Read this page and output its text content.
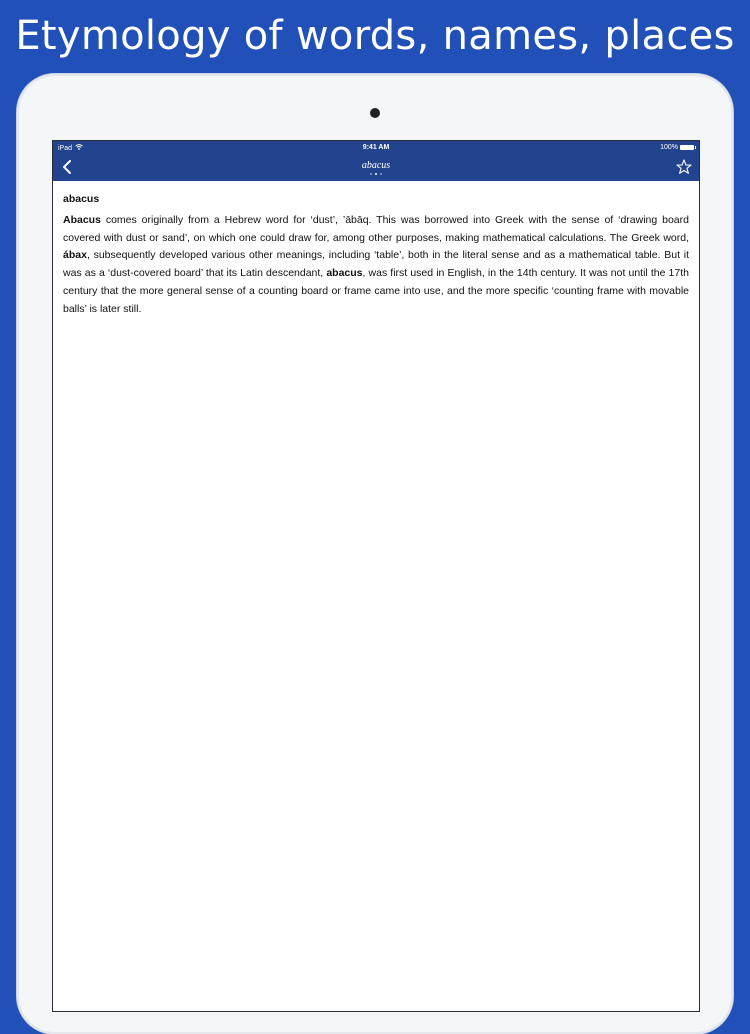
Etymology of words, names, places
iPad	9:41 AM	100%
abacus
abacus

Abacus comes originally from a Hebrew word for ‘dust’, ’ābāq. This was borrowed into Greek with the sense of ‘drawing board covered with dust or sand’, on which one could draw for, among other purposes, making mathematical calculations. The Greek word, ábax, subsequently developed various other meanings, including ‘table’, both in the literal sense and as a mathematical table. But it was as a ‘dust-covered board’ that its Latin descendant, abacus, was first used in English, in the 14th century. It was not until the 17th century that the more general sense of a counting board or frame came into use, and the more specific ‘counting frame with movable balls’ is later still.
